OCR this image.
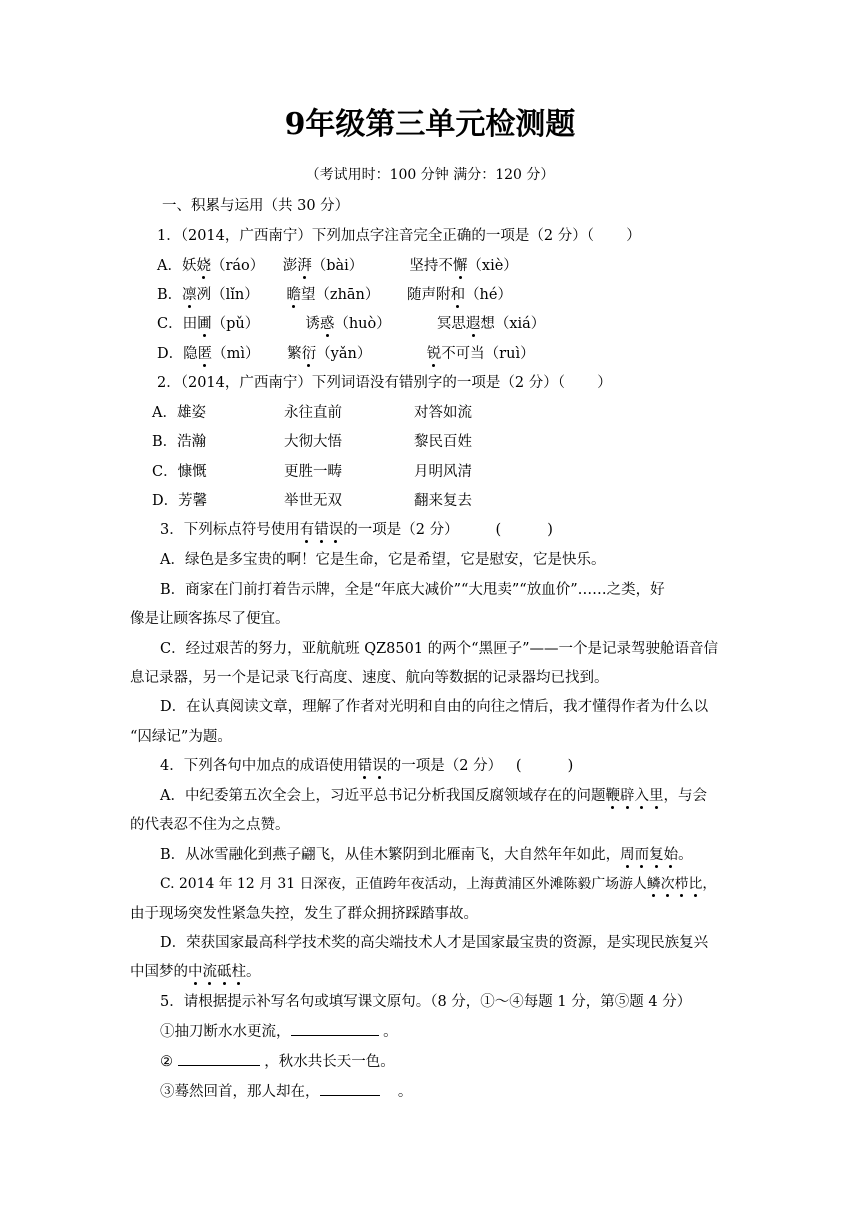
9年级第三单元检测题
（考试用时：100 分钟 满分：120 分）
一、积累与运用（共 30 分）
1．（2014，广西南宁）下列加点字注音完全正确的一项是（2 分）（       ）
A．妖娆（ráo）    澎湃（bài）          坚持不懈（xiè）
B．凛冽（lǐn）      瞻望（zhān）      随声附和（hé）
C．田圃（pǔ）          诱惑（huò）          冥思遐想（xiá）
D．隐匿（mì）      繁衍（yǎn）            锐不可当（ruì）
2．（2014，广西南宁）下列词语没有错别字的一项是（2 分）（       ）
A．雄姿	永往直前	对答如流
B．浩瀚	大彻大悟	黎民百姓
C．慷慨	更胜一畴	月明风清
D．芳馨	举世无双	翻来复去
3．下列标点符号使用有错误的一项是（2 分）        (          )
A．绿色是多宝贵的啊！它是生命，它是希望，它是慰安，它是快乐。
B．商家在门前打着告示牌，全是“年底大减价”“大甩卖”“放血价”……之类，好
像是让顾客拣尽了便宜。
C．经过艰苦的努力，亚航航班 QZ8501 的两个“黑匣子”——一个是记录驾驶舱语音信
息记录器，另一个是记录飞行高度、速度、航向等数据的记录器均已找到。
D．在认真阅读文章，理解了作者对光明和自由的向往之情后，我才懂得作者为什么以
“囚绿记”为题。
4．下列各句中加点的成语使用错误的一项是（2 分）   (          )
A．中纪委第五次全会上，习近平总书记分析我国反腐领域存在的问题鞭辟入里，与会
的代表忍不住为之点赞。
B．从冰雪融化到燕子翩飞，从佳木繁阴到北雁南飞，大自然年年如此，周而复始。
C. 2014 年 12 月 31 日深夜，正值跨年夜活动，上海黄浦区外滩陈毅广场游人鳞次栉比，
由于现场突发性紧急失控，发生了群众拥挤踩踏事故。
D．荣获国家最高科学技术奖的高尖端技术人才是国家最宝贵的资源，是实现民族复兴
中国梦的中流砥柱。
5．请根据提示补写名句或填写课文原句。（8 分，①～④每题 1 分，第⑤题 4 分）
①抽刀断水水更流，	。
②	，秋水共长天一色。
③蓦然回首，那人却在，	。
